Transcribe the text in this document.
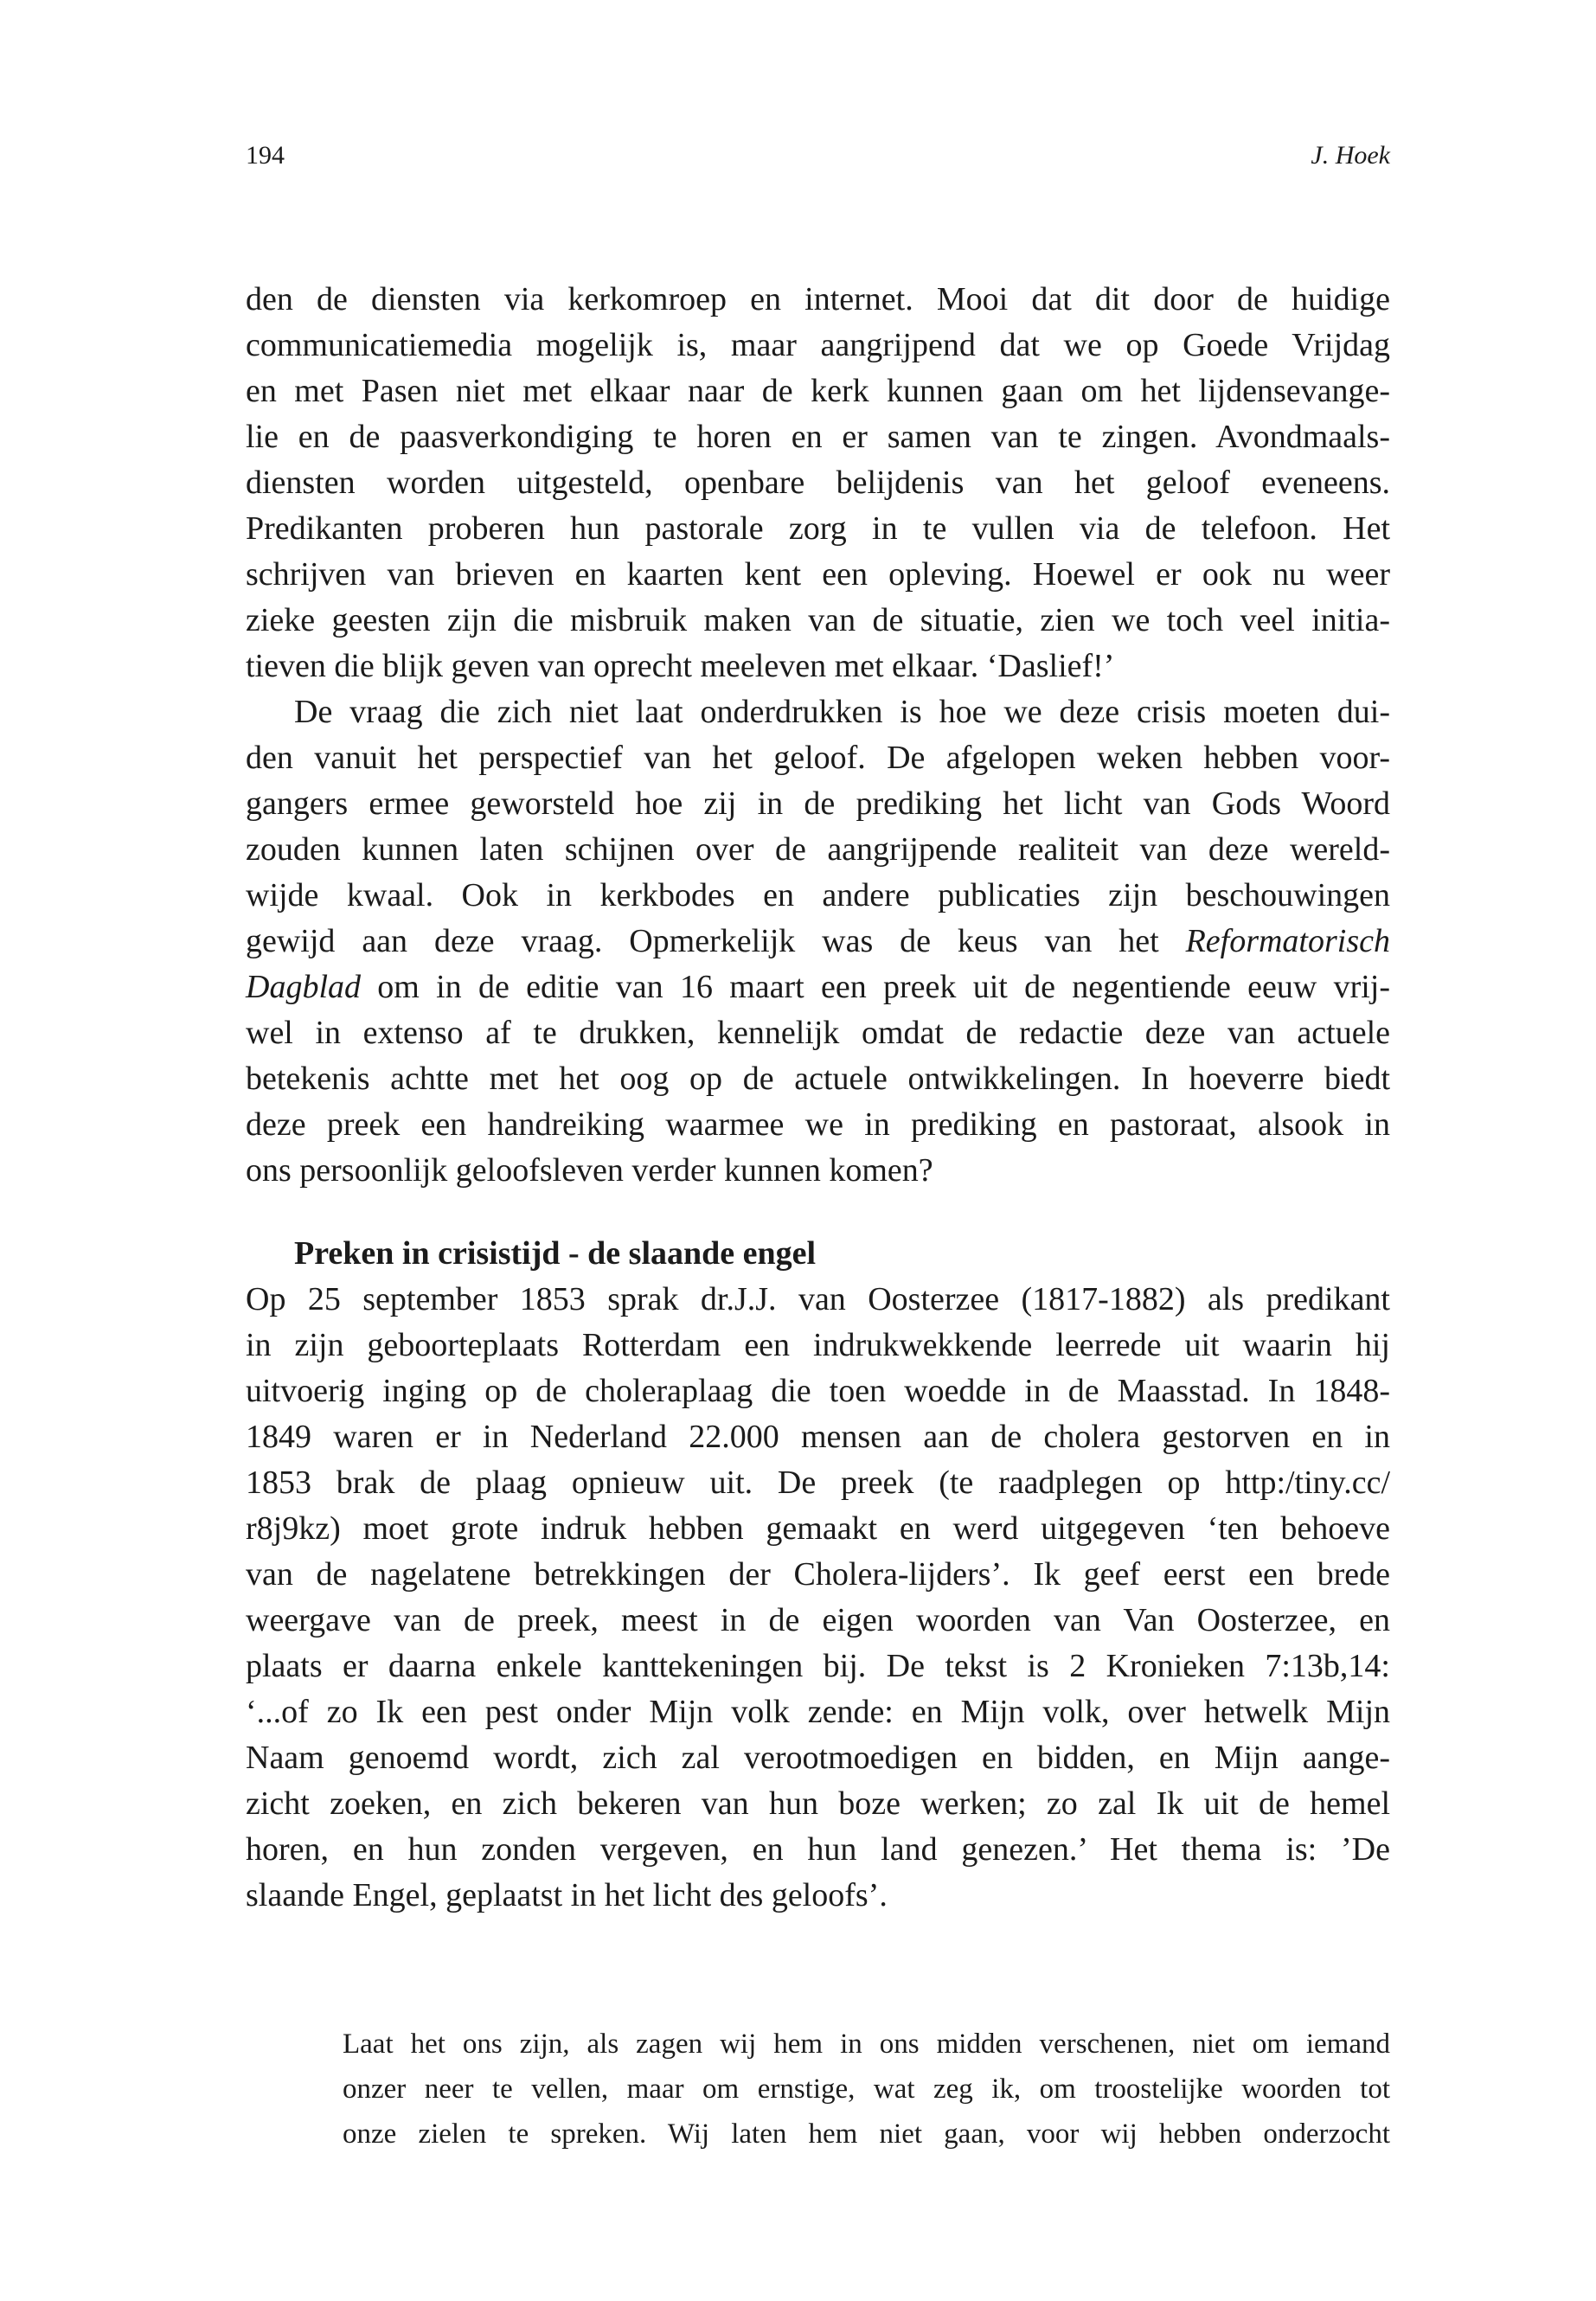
194	J. Hoek
den de diensten via kerkomroep en internet. Mooi dat dit door de huidige
communicatiemedia mogelijk is, maar aangrijpend dat we op Goede Vrijdag
en met Pasen niet met elkaar naar de kerk kunnen gaan om het lijdensevange-
lie en de paasverkondiging te horen en er samen van te zingen. Avondmaals-
diensten worden uitgesteld, openbare belijdenis van het geloof eveneens.
Predikanten proberen hun pastorale zorg in te vullen via de telefoon. Het
schrijven van brieven en kaarten kent een opleving. Hoewel er ook nu weer
zieke geesten zijn die misbruik maken van de situatie, zien we toch veel initia-
tieven die blijk geven van oprecht meeleven met elkaar. ‘Daslief!’
De vraag die zich niet laat onderdrukken is hoe we deze crisis moeten dui-
den vanuit het perspectief van het geloof. De afgelopen weken hebben voor-
gangers ermee geworsteld hoe zij in de prediking het licht van Gods Woord
zouden kunnen laten schijnen over de aangrijpende realiteit van deze wereld-
wijde kwaal. Ook in kerkbodes en andere publicaties zijn beschouwingen
gewijd aan deze vraag. Opmerkelijk was de keus van het Reformatorisch
Dagblad om in de editie van 16 maart een preek uit de negentiende eeuw vrij-
wel in extenso af te drukken, kennelijk omdat de redactie deze van actuele
betekenis achtte met het oog op de actuele ontwikkelingen. In hoeverre biedt
deze preek een handreiking waarmee we in prediking en pastoraat, alsook in
ons persoonlijk geloofsleven verder kunnen komen?
Preken in crisistijd - de slaande engel
Op 25 september 1853 sprak dr.J.J. van Oosterzee (1817-1882) als predikant
in zijn geboorteplaats Rotterdam een indrukwekkende leerrede uit waarin hij
uitvoerig inging op de choleraplaag die toen woedde in de Maasstad. In 1848-
1849 waren er in Nederland 22.000 mensen aan de cholera gestorven en in
1853 brak de plaag opnieuw uit. De preek (te raadplegen op http:/tiny.cc/
r8j9kz) moet grote indruk hebben gemaakt en werd uitgegeven ‘ten behoeve
van de nagelatene betrekkingen der Cholera-lijders’. Ik geef eerst een brede
weergave van de preek, meest in de eigen woorden van Van Oosterzee, en
plaats er daarna enkele kanttekeningen bij. De tekst is 2 Kronieken 7:13b,14:
‘...of zo Ik een pest onder Mijn volk zende: en Mijn volk, over hetwelk Mijn
Naam genoemd wordt, zich zal verootmoedigen en bidden, en Mijn aange-
zicht zoeken, en zich bekeren van hun boze werken; zo zal Ik uit de hemel
horen, en hun zonden vergeven, en hun land genezen.’ Het thema is: ’De
slaande Engel, geplaatst in het licht des geloofs’.
Laat het ons zijn, als zagen wij hem in ons midden verschenen, niet om iemand
onzer neer te vellen, maar om ernstige, wat zeg ik, om troostelijke woorden tot
onze zielen te spreken. Wij laten hem niet gaan, voor wij hebben onderzocht
